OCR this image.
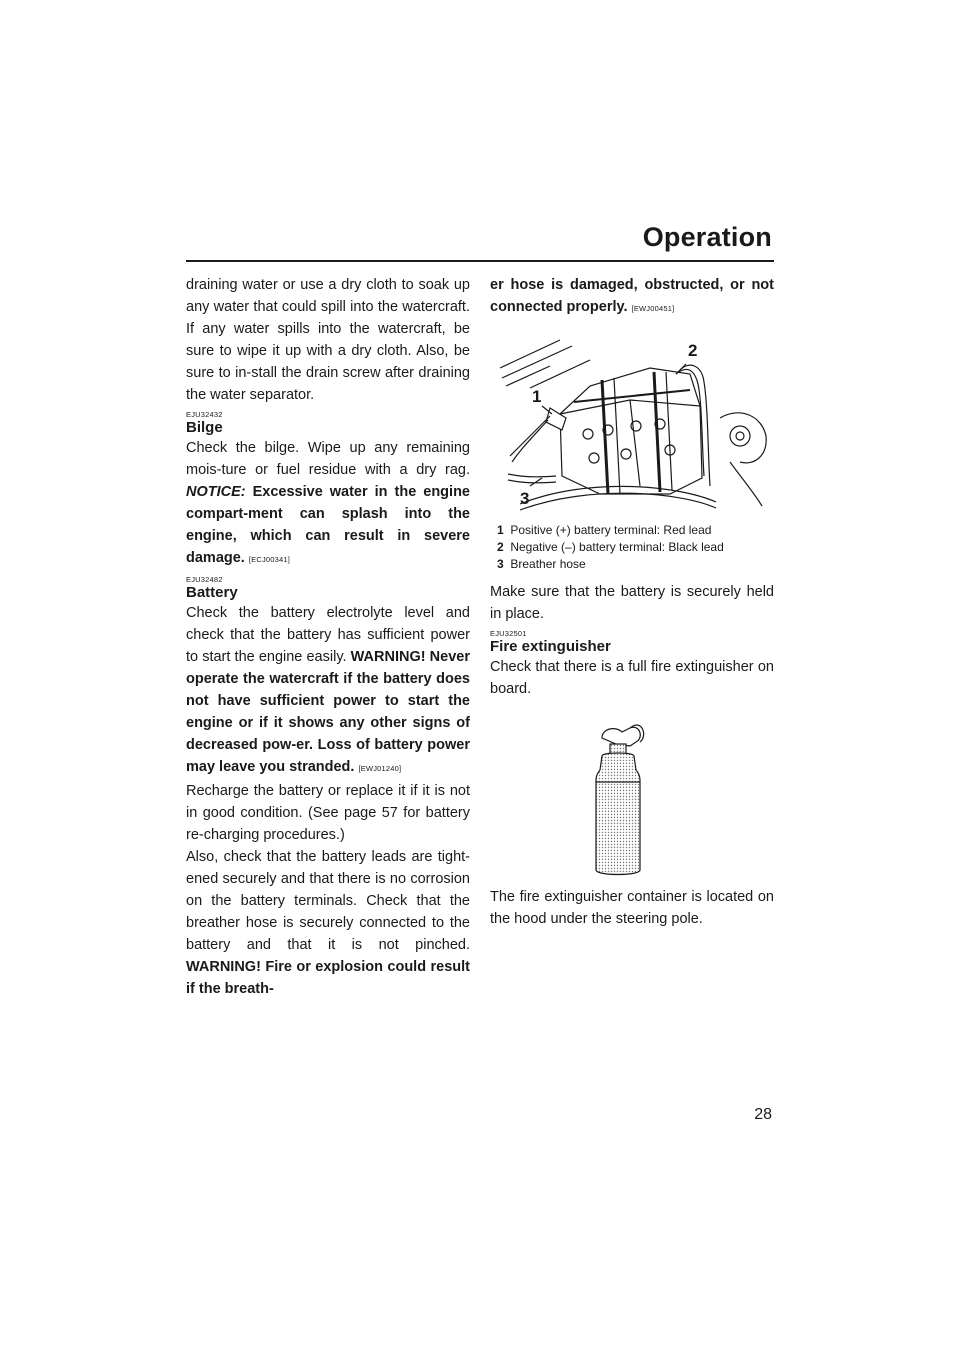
Operation

draining water or use a dry cloth to soak up any water that could spill into the watercraft. If any water spills into the watercraft, be sure to wipe it up with a dry cloth. Also, be sure to in-stall the drain screw after draining the water separator.

EJU32432
Bilge

Check the bilge. Wipe up any remaining mois-ture or fuel residue with a dry rag. NOTICE: Excessive water in the engine compart-ment can splash into the engine, which can result in severe damage. [ECJ00341]

EJU32482
Battery

Check the battery electrolyte level and check that the battery has sufficient power to start the engine easily. WARNING! Never operate the watercraft if the battery does not have sufficient power to start the engine or if it shows any other signs of decreased pow-er. Loss of battery power may leave you stranded. [EWJ01240]

Recharge the battery or replace it if it is not in good condition. (See page 57 for battery re-charging procedures.)

Also, check that the battery leads are tight-ened securely and that there is no corrosion on the battery terminals. Check that the breather hose is securely connected to the battery and that it is not pinched. WARNING! Fire or explosion could result if the breath-

er hose is damaged, obstructed, or not connected properly. [EWJ00451]

1
2
3
1 Positive (+) battery terminal: Red lead
2 Negative (–) battery terminal: Black lead
3 Breather hose

Make sure that the battery is securely held in place.

EJU32501
Fire extinguisher

Check that there is a full fire extinguisher on board.

The fire extinguisher container is located on the hood under the steering pole.

28
